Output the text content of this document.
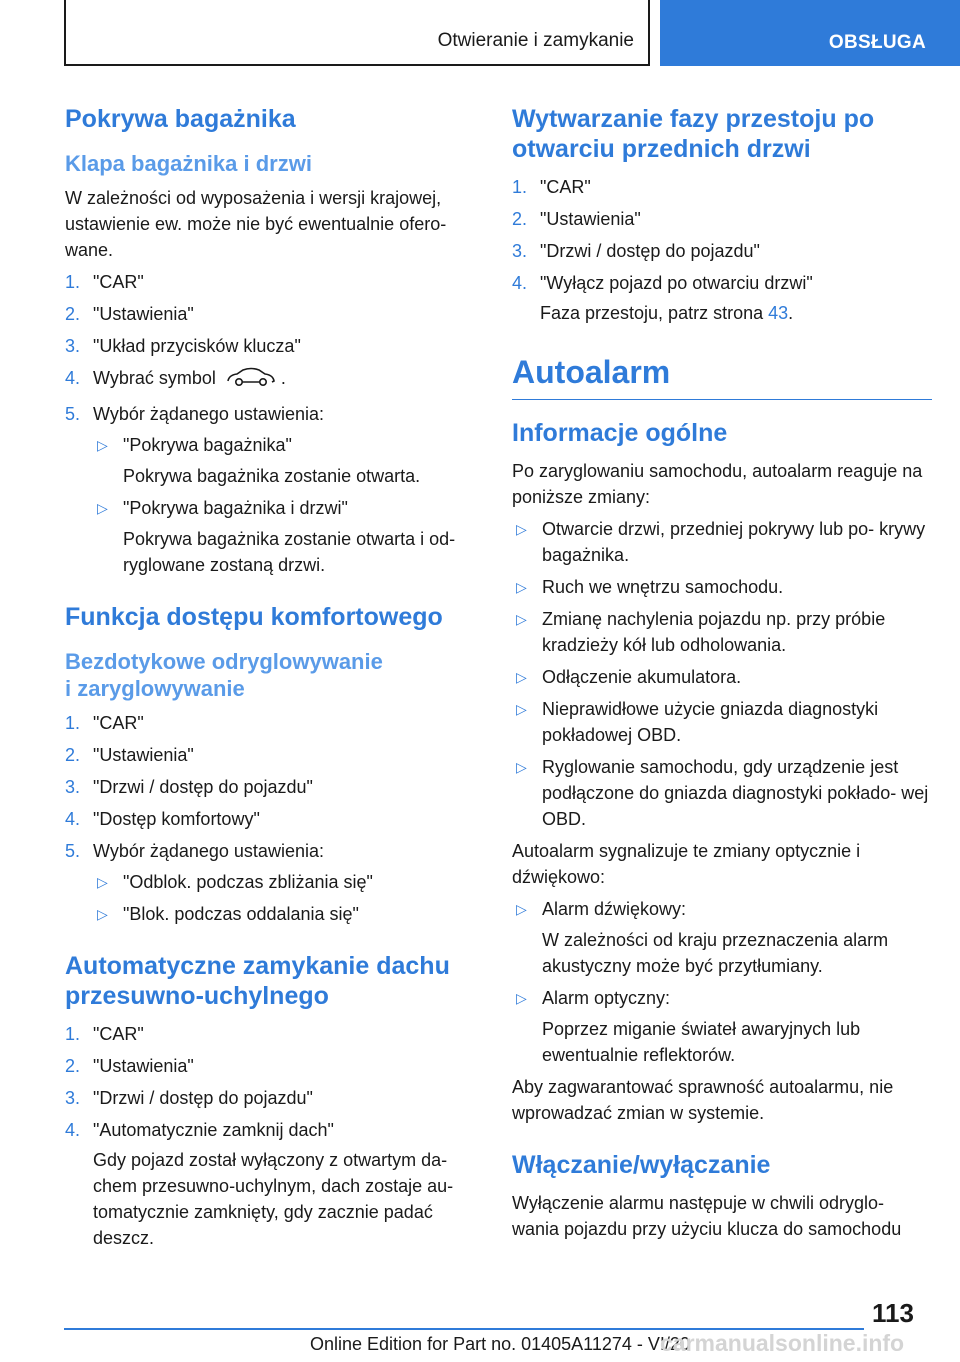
Otwieranie i zamykanie	OBSŁUGA
Pokrywa bagażnika
Klapa bagażnika i drzwi

W zależności od wyposażenia i wersji krajowej, ustawienie ew. może nie być ewentualnie ofero- wane.

1. "CAR"
2. "Ustawienia"
3. "Układ przycisków klucza"
4. Wybrać symbol	.
5. Wybór żądanego ustawienia:
▷ "Pokrywa bagażnika"
Pokrywa bagażnika zostanie otwarta.
▷ "Pokrywa bagażnika i drzwi"
Pokrywa bagażnika zostanie otwarta i od- ryglowane zostaną drzwi.
Funkcja dostępu komfortowego
Bezdotykowe odryglowywanie
i zaryglowywanie
1. "CAR"
2. "Ustawienia"
3. "Drzwi / dostęp do pojazdu"
4. "Dostęp komfortowy"
5. Wybór żądanego ustawienia:
▷ "Odblok. podczas zbliżania się"
▷ "Blok. podczas oddalania się"
Automatyczne zamykanie dachu przesuwno-uchylnego
1. "CAR"
2. "Ustawienia"
3. "Drzwi / dostęp do pojazdu"
4. "Automatycznie zamknij dach"
Gdy pojazd został wyłączony z otwartym da- chem przesuwno-uchylnym, dach zostaje au- tomatycznie zamknięty, gdy zacznie padać deszcz.
Wytwarzanie fazy przestoju po otwarciu przednich drzwi
1. "CAR"
2. "Ustawienia"
3. "Drzwi / dostęp do pojazdu"
4. "Wyłącz pojazd po otwarciu drzwi"
Faza przestoju, patrz strona 43.
Autoalarm
Informacje ogólne

Po zaryglowaniu samochodu, autoalarm reaguje na poniższe zmiany:

▷ Otwarcie drzwi, przedniej pokrywy lub po- krywy bagażnika.
▷ Ruch we wnętrzu samochodu.
▷ Zmianę nachylenia pojazdu np. przy próbie kradzieży kół lub odholowania.
▷ Odłączenie akumulatora.
▷ Nieprawidłowe użycie gniazda diagnostyki pokładowej OBD.
▷ Ryglowanie samochodu, gdy urządzenie jest podłączone do gniazda diagnostyki pokłado- wej OBD.

Autoalarm sygnalizuje te zmiany optycznie i dźwiękowo:

▷ Alarm dźwiękowy:
W zależności od kraju przeznaczenia alarm akustyczny może być przytłumiany.
▷ Alarm optyczny:
Poprzez miganie świateł awaryjnych lub ewentualnie reflektorów.

Aby zagwarantować sprawność autoalarmu, nie wprowadzać zmian w systemie.

Włączanie/wyłączanie

Wyłączenie alarmu następuje w chwili odryglo- wania pojazdu przy użyciu klucza do samochodu

113
Online Edition for Part no. 01405A11274 - VI/20
carmanualsonline.info
